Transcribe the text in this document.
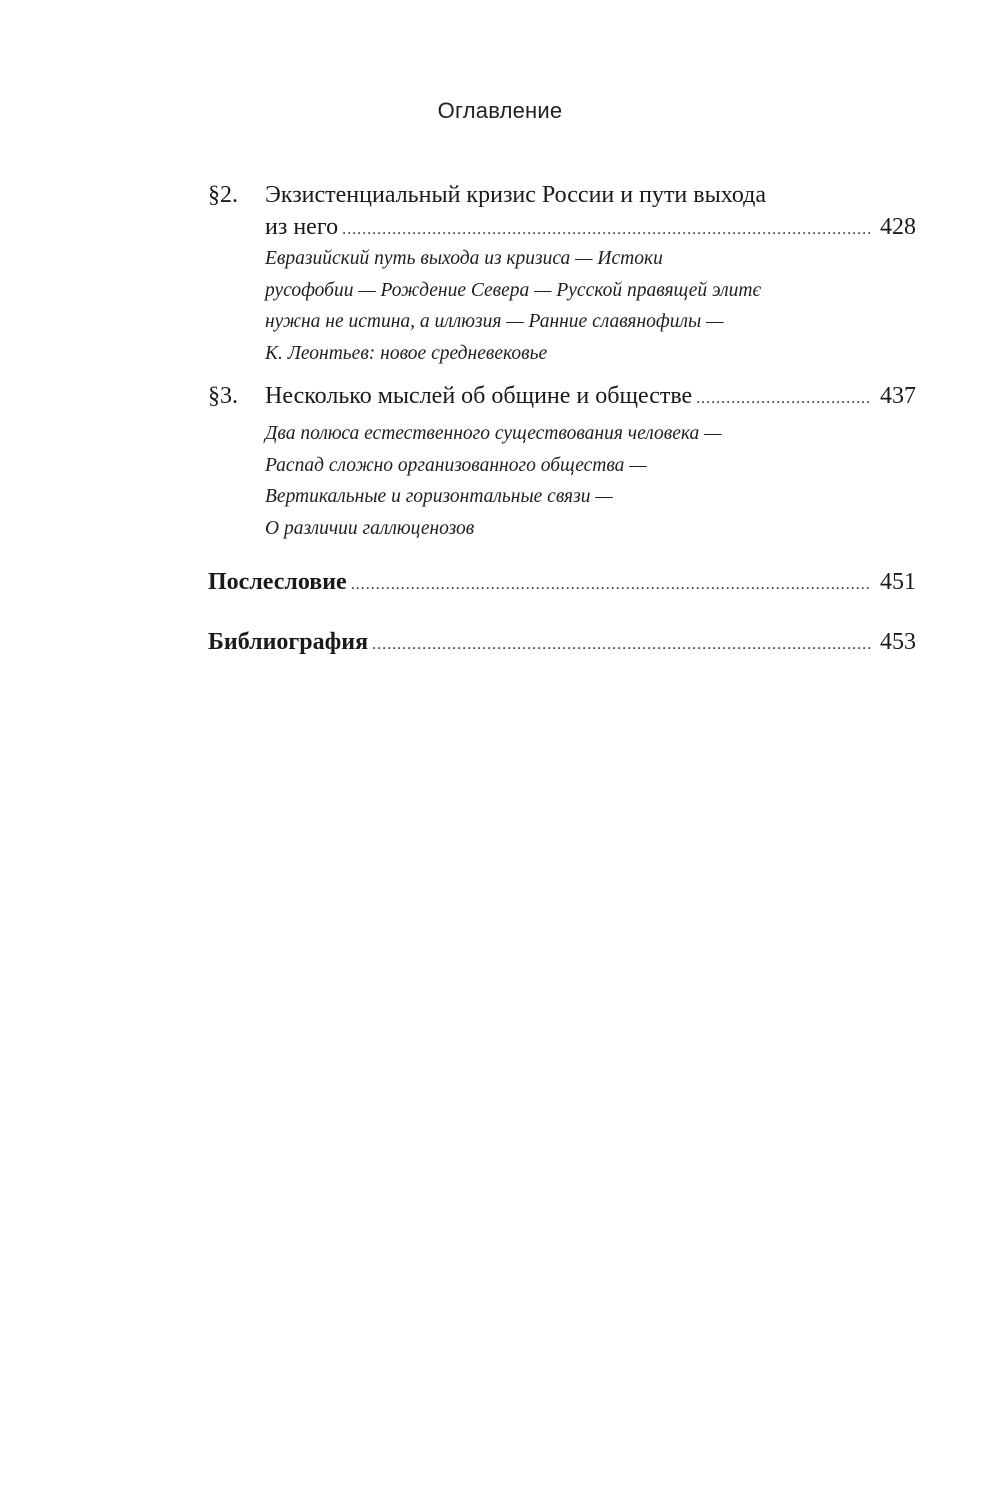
Оглавление
§2. Экзистенциальный кризис России и пути выхода
из него .....	428
Евразийский путь выхода из кризиса — Истоки
русофобии — Рождение Севера — Русской правящей элитє
нужна не истина, а иллюзия — Ранние славянофилы —
К. Леонтьев: новое средневековье
§3. Несколько мыслей об общине и обществе .....	437
Два полюса естественного существования человека —
Распад сложно организованного общества —
Вертикальные и горизонтальные связи —
О различии галлюценозов
Послесловие .....	451
Библиография .....	453
